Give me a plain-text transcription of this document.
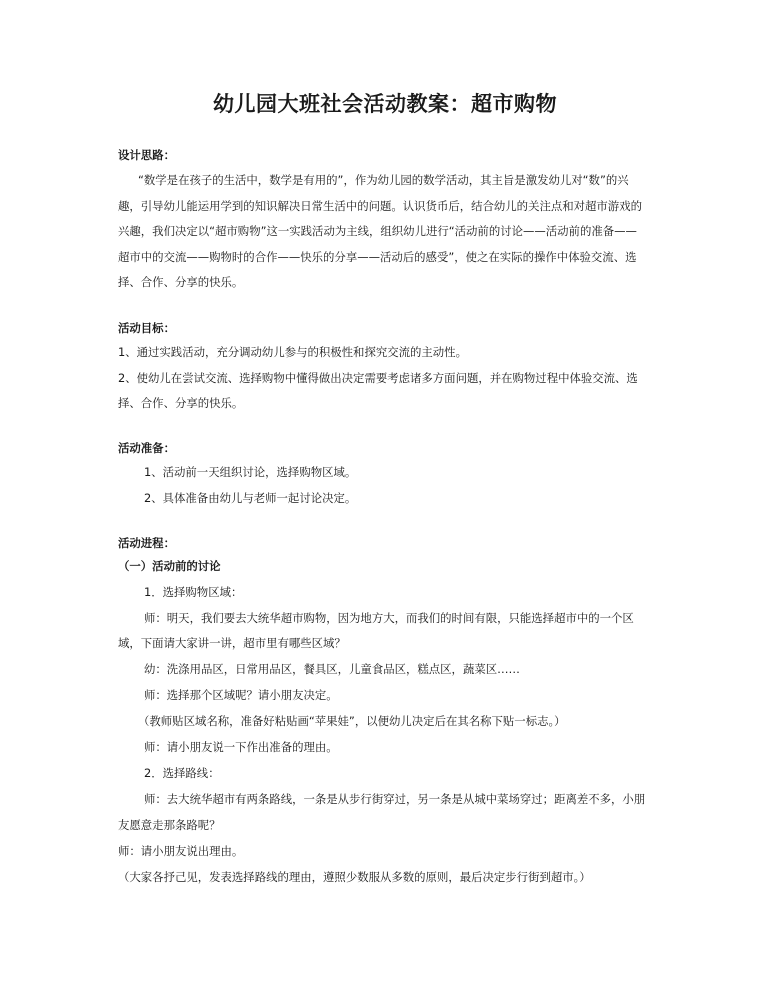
幼儿园大班社会活动教案：超市购物
设计思路：
“数学是在孩子的生活中，数学是有用的”，作为幼儿园的数学活动，其主旨是激发幼儿对“数”的兴
趣，引导幼儿能运用学到的知识解决日常生活中的问题。认识货币后，结合幼儿的关注点和对超市游戏的
兴趣，我们决定以“超市购物”这一实践活动为主线，组织幼儿进行“活动前的讨论——活动前的准备——
超市中的交流——购物时的合作——快乐的分享——活动后的感受”，使之在实际的操作中体验交流、选
择、合作、分享的快乐。
活动目标：
1、通过实践活动，充分调动幼儿参与的积极性和探究交流的主动性。
2、使幼儿在尝试交流、选择购物中懂得做出决定需要考虑诸多方面问题，并在购物过程中体验交流、选
择、合作、分享的快乐。
活动准备：
1、活动前一天组织讨论，选择购物区域。
2、具体准备由幼儿与老师一起讨论决定。
活动进程：
（一）活动前的讨论
1．选择购物区域：
师：明天，我们要去大统华超市购物，因为地方大，而我们的时间有限，只能选择超市中的一个区
域，下面请大家讲一讲，超市里有哪些区域？
幼：洗涤用品区，日常用品区，餐具区，儿童食品区，糕点区，蔬菜区……
师：选择那个区域呢？请小朋友决定。
（教师贴区域名称，准备好粘贴画“苹果娃”，以便幼儿决定后在其名称下贴一标志。）
师：请小朋友说一下作出准备的理由。
2．选择路线：
师：去大统华超市有两条路线，一条是从步行街穿过，另一条是从城中菜场穿过；距离差不多，小朋
友愿意走那条路呢？
师：请小朋友说出理由。
（大家各抒己见，发表选择路线的理由，遵照少数服从多数的原则，最后决定步行街到超市。）
